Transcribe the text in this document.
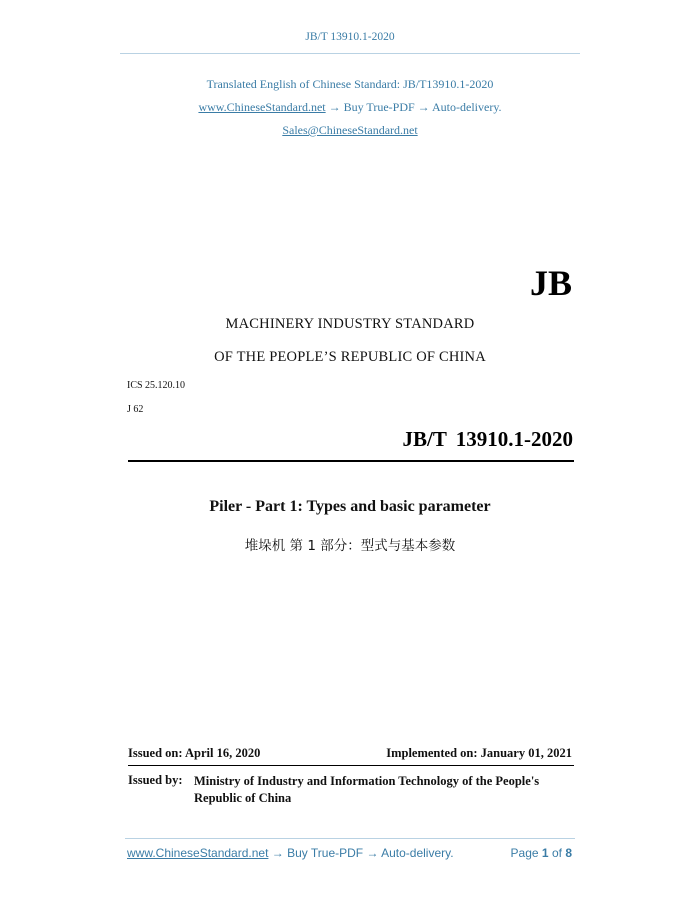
JB/T 13910.1-2020
Translated English of Chinese Standard: JB/T13910.1-2020
www.ChineseStandard.net → Buy True-PDF → Auto-delivery.
Sales@ChineseStandard.net
JB
MACHINERY INDUSTRY STANDARD
OF THE PEOPLE’S REPUBLIC OF CHINA
ICS 25.120.10
J 62
JB/T 13910.1-2020
Piler - Part 1: Types and basic parameter
堆垛机 第 1 部分：型式与基本参数
Issued on: April 16, 2020	Implemented on: January 01, 2021
Issued by: Ministry of Industry and Information Technology of the People's
Republic of China
www.ChineseStandard.net → Buy True-PDF → Auto-delivery.	Page 1 of 8
